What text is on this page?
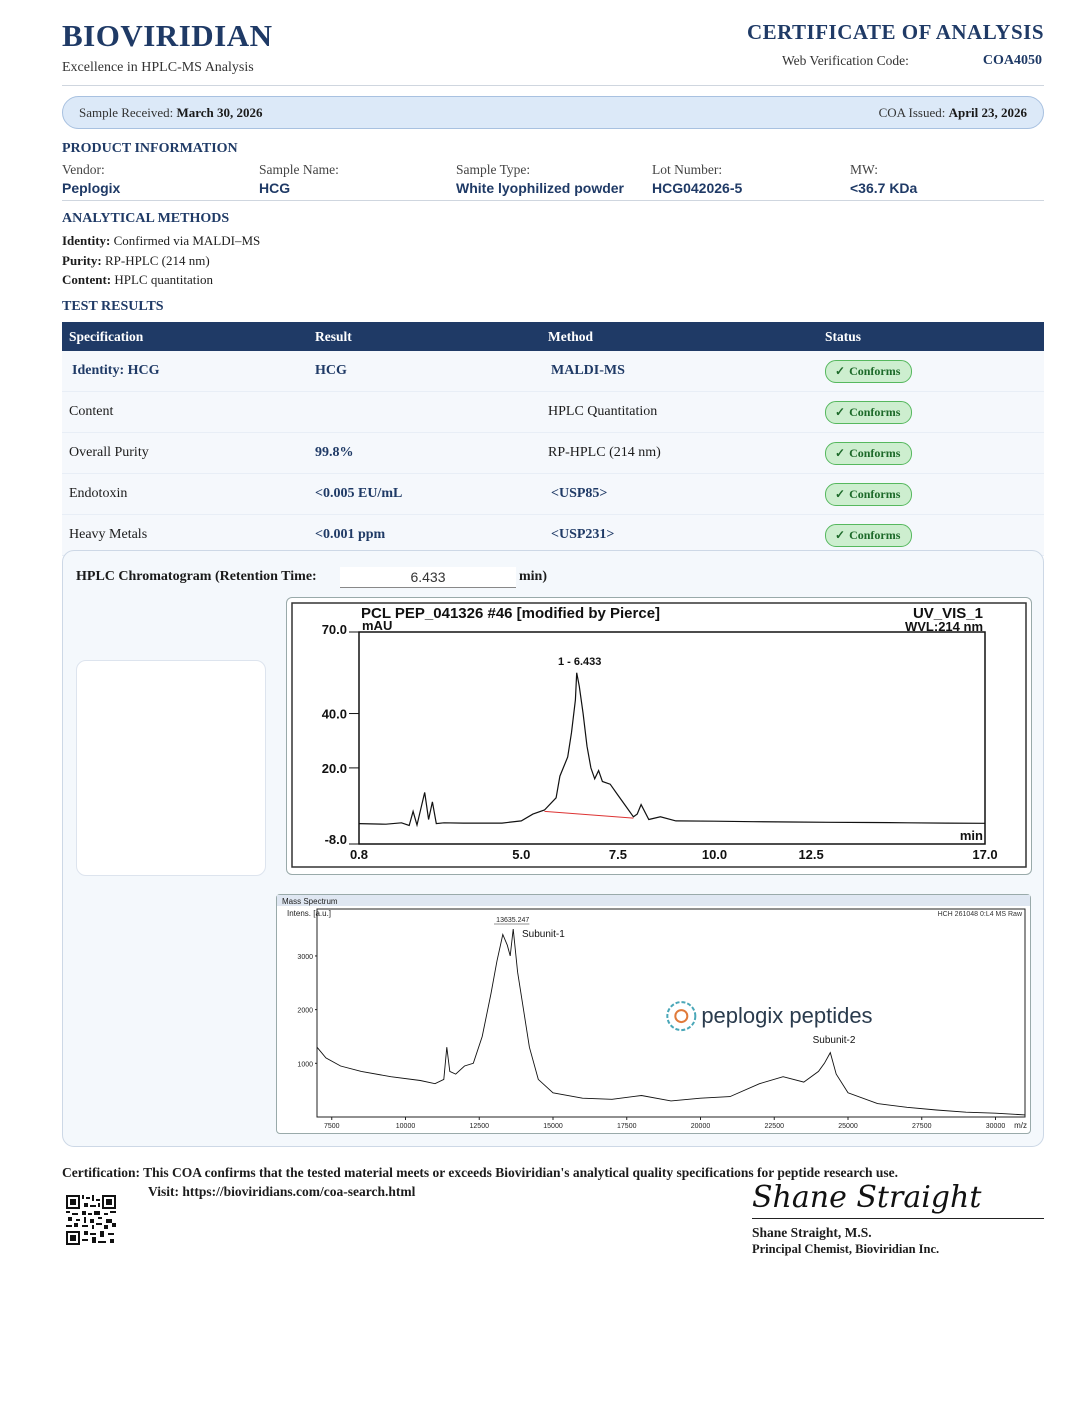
BIOVIRIDIAN
Excellence in HPLC-MS Analysis
CERTIFICATE OF ANALYSIS
Web Verification Code:	COA4050
Sample Received: March 30, 2026	COA Issued: April 23, 2026
PRODUCT INFORMATION
Vendor:
Peplogix
Sample Name:
HCG
Sample Type:
White lyophilized powder
Lot Number:
HCG042026-5
MW:
<36.7 KDa
ANALYTICAL METHODS
Identity: Confirmed via MALDI–MS
Purity: RP-HPLC (214 nm)
Content: HPLC quantitation
TEST RESULTS
Specification	Result	Method	Status
Identity: HCG	HCG	MALDI-MS	✓ Conforms
Content		HPLC Quantitation	✓ Conforms
Overall Purity	99.8%	RP-HPLC (214 nm)	✓ Conforms
Endotoxin	<0.005 EU/mL	<USP85>	✓ Conforms
Heavy Metals	<0.001 ppm	<USP231>	✓ Conforms
HPLC Chromatogram (Retention Time:	6.433	min)
PCL PEP_041326 #46 [modified by Pierce]	UV_VIS_1
WVL:214 nm
mAU
min
70.0
40.0
20.0
-8.0
0.8	5.0	7.5	10.0	12.5	17.0
1 - 6.433
Mass Spectrum
Intens. [a.u.]	HCH 261048 0:L4 MS Raw
m/z
1000
2000
3000
7500	10000	12500	15000	17500	20000	22500	25000	27500	30000
13635.247
Subunit-1
Subunit-2
peplogix peptides
Certification: This COA confirms that the tested material meets or exceeds Bioviridian's analytical quality specifications for peptide research use.
Visit: https://bioviridians.com/coa-search.html	Shane Straight
Shane Straight, M.S.
Principal Chemist, Bioviridian Inc.
